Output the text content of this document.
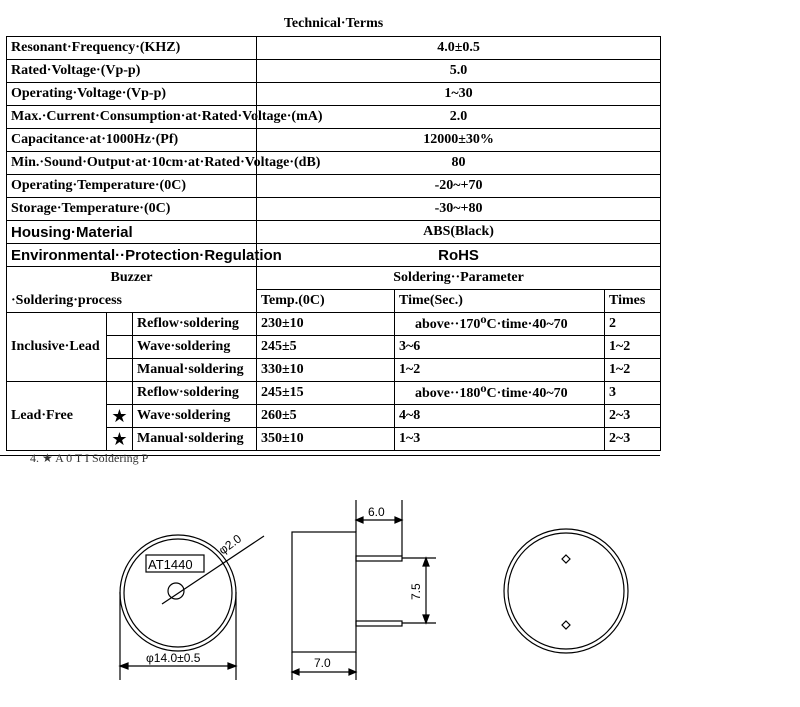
Technical·Terms					
Resonant·Frequency·(KHZ)			4.0±0.5		
Rated·Voltage·(Vp-p)			5.0		
Operating·Voltage·(Vp-p)			1~30		
Max.·Current·Consumption·at·Rated·Voltage·(mA)			2.0		
Capacitance·at·1000Hz·(Pf)			12000±30%		
Min.·Sound·Output·at·10cm·at·Rated·Voltage·(dB)			80		
Operating·Temperature·(0C)			-20~+70		
Storage·Temperature·(0C)			-30~+80		
Housing·Material			ABS(Black)		
Environmental··Protection·Regulation			RoHS		
Buzzer			Soldering··Parameter		
·Soldering·process			Temp.(0C)	Time(Sec.)	Times
Inclusive·Lead		Reflow·soldering	230±10	above··170⁰C·time·40~70	2
		Wave·soldering	245±5	3~6	1~2
		Manual·soldering	330±10	1~2	1~2
Lead·Free		Reflow·soldering	245±15	above··180⁰C·time·40~70	3
	★	Wave·soldering	260±5	4~8	2~3
	★	Manual·soldering	350±10	1~3	2~3
4. ★ A 0 T I Soldering P
AT1440
φ2.0
φ14.0±0.5
6.0
7.5
7.0
